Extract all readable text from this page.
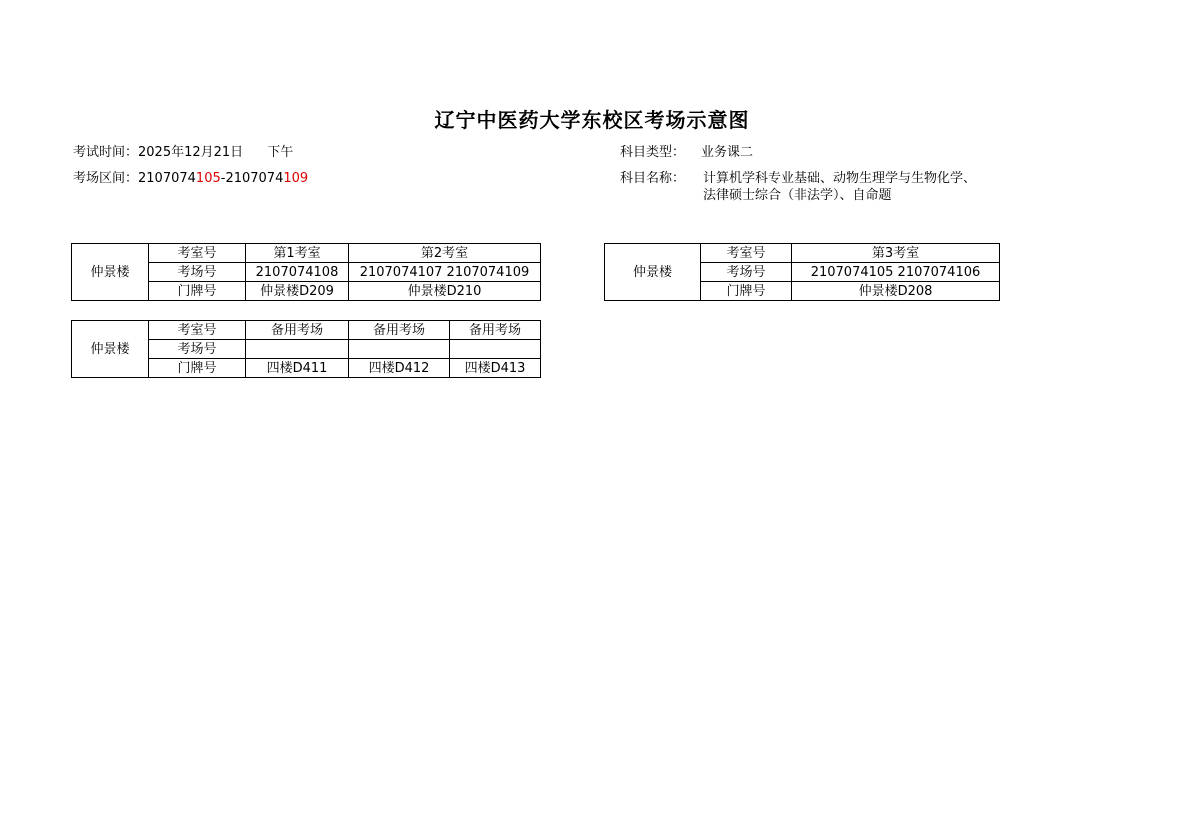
辽宁中医药大学东校区考场示意图
考试时间：2025年12月21日 下午
考场区间：2107074105-2107074109
科目类型： 业务课二
科目名称： 计算机学科专业基础、动物生理学与生物化学、
法律硕士综合（非法学）、自命题
仲景楼	考室号	第1考室	第2考室
	考场号	2107074108	2107074107 2107074109
	门牌号	仲景楼D209	仲景楼D210
仲景楼	考室号	第3考室
	考场号	2107074105 2107074106
	门牌号	仲景楼D208
仲景楼	考室号	备用考场	备用考场	备用考场
	考场号			
	门牌号	四楼D411	四楼D412	四楼D413
